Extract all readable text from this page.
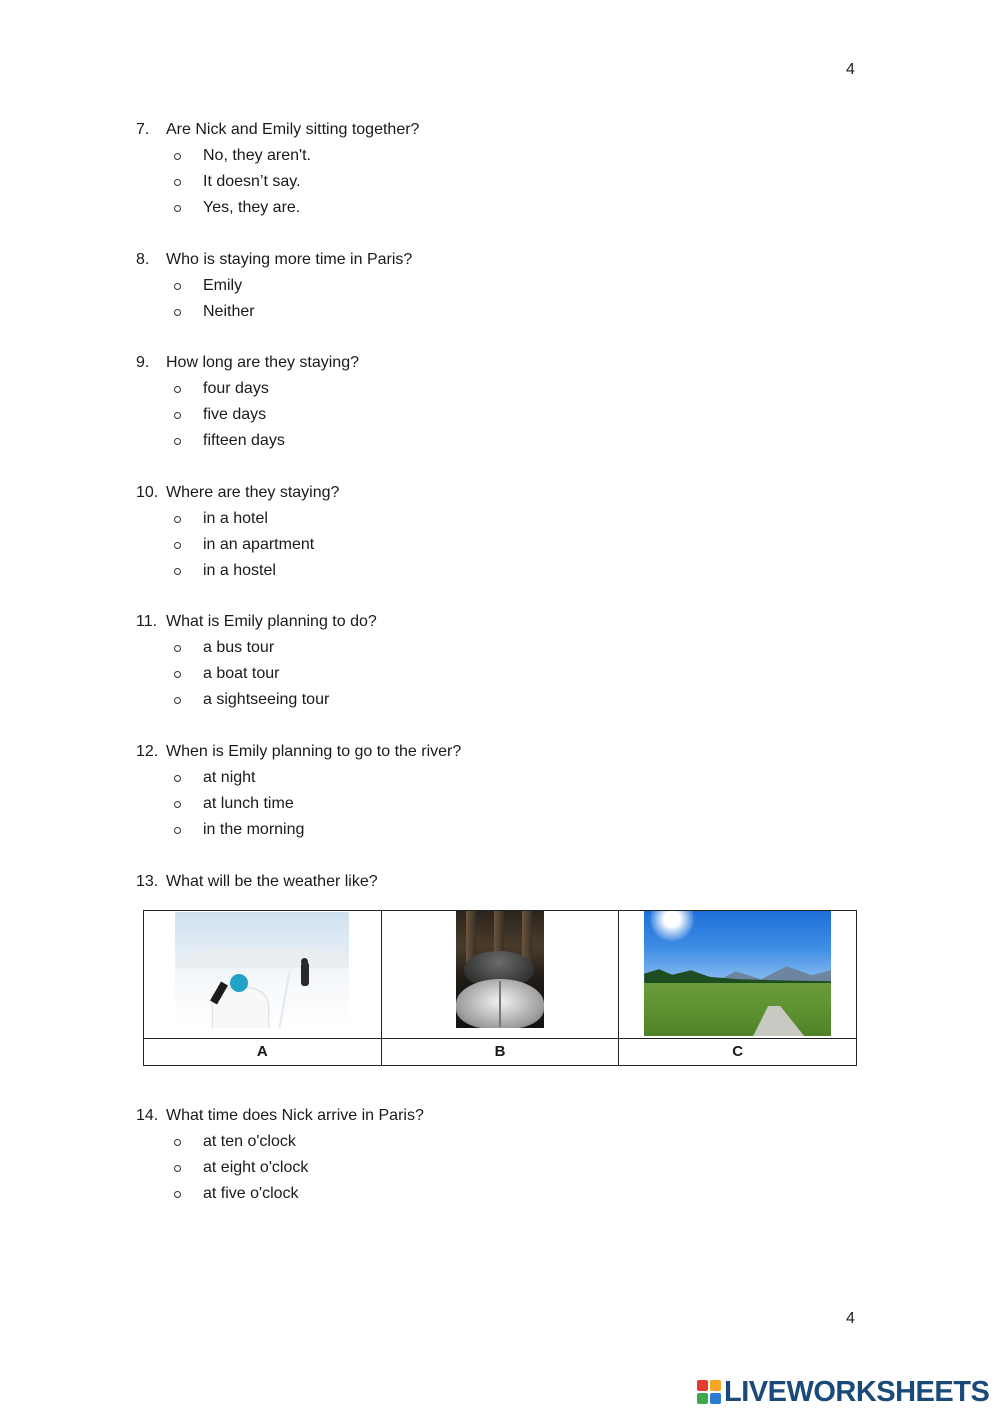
4
7. Are Nick and Emily sitting together?
No, they aren't.
It doesn’t say.
Yes, they are.
8. Who is staying more time in Paris?
Emily
Neither
9. How long are they staying?
four days
five days
fifteen days
10. Where are they staying?
in a hotel
in an apartment
in a hostel
11. What is Emily planning to do?
a bus tour
a boat tour
a sightseeing tour
12. When is Emily planning to go to the river?
at night
at lunch time
in the morning
13. What will be the weather like?
14. What time does Nick arrive in Paris?
at ten o'clock
at eight o'clock
at five o'clock

A	B	C
4
LIVEWORKSHEETS
